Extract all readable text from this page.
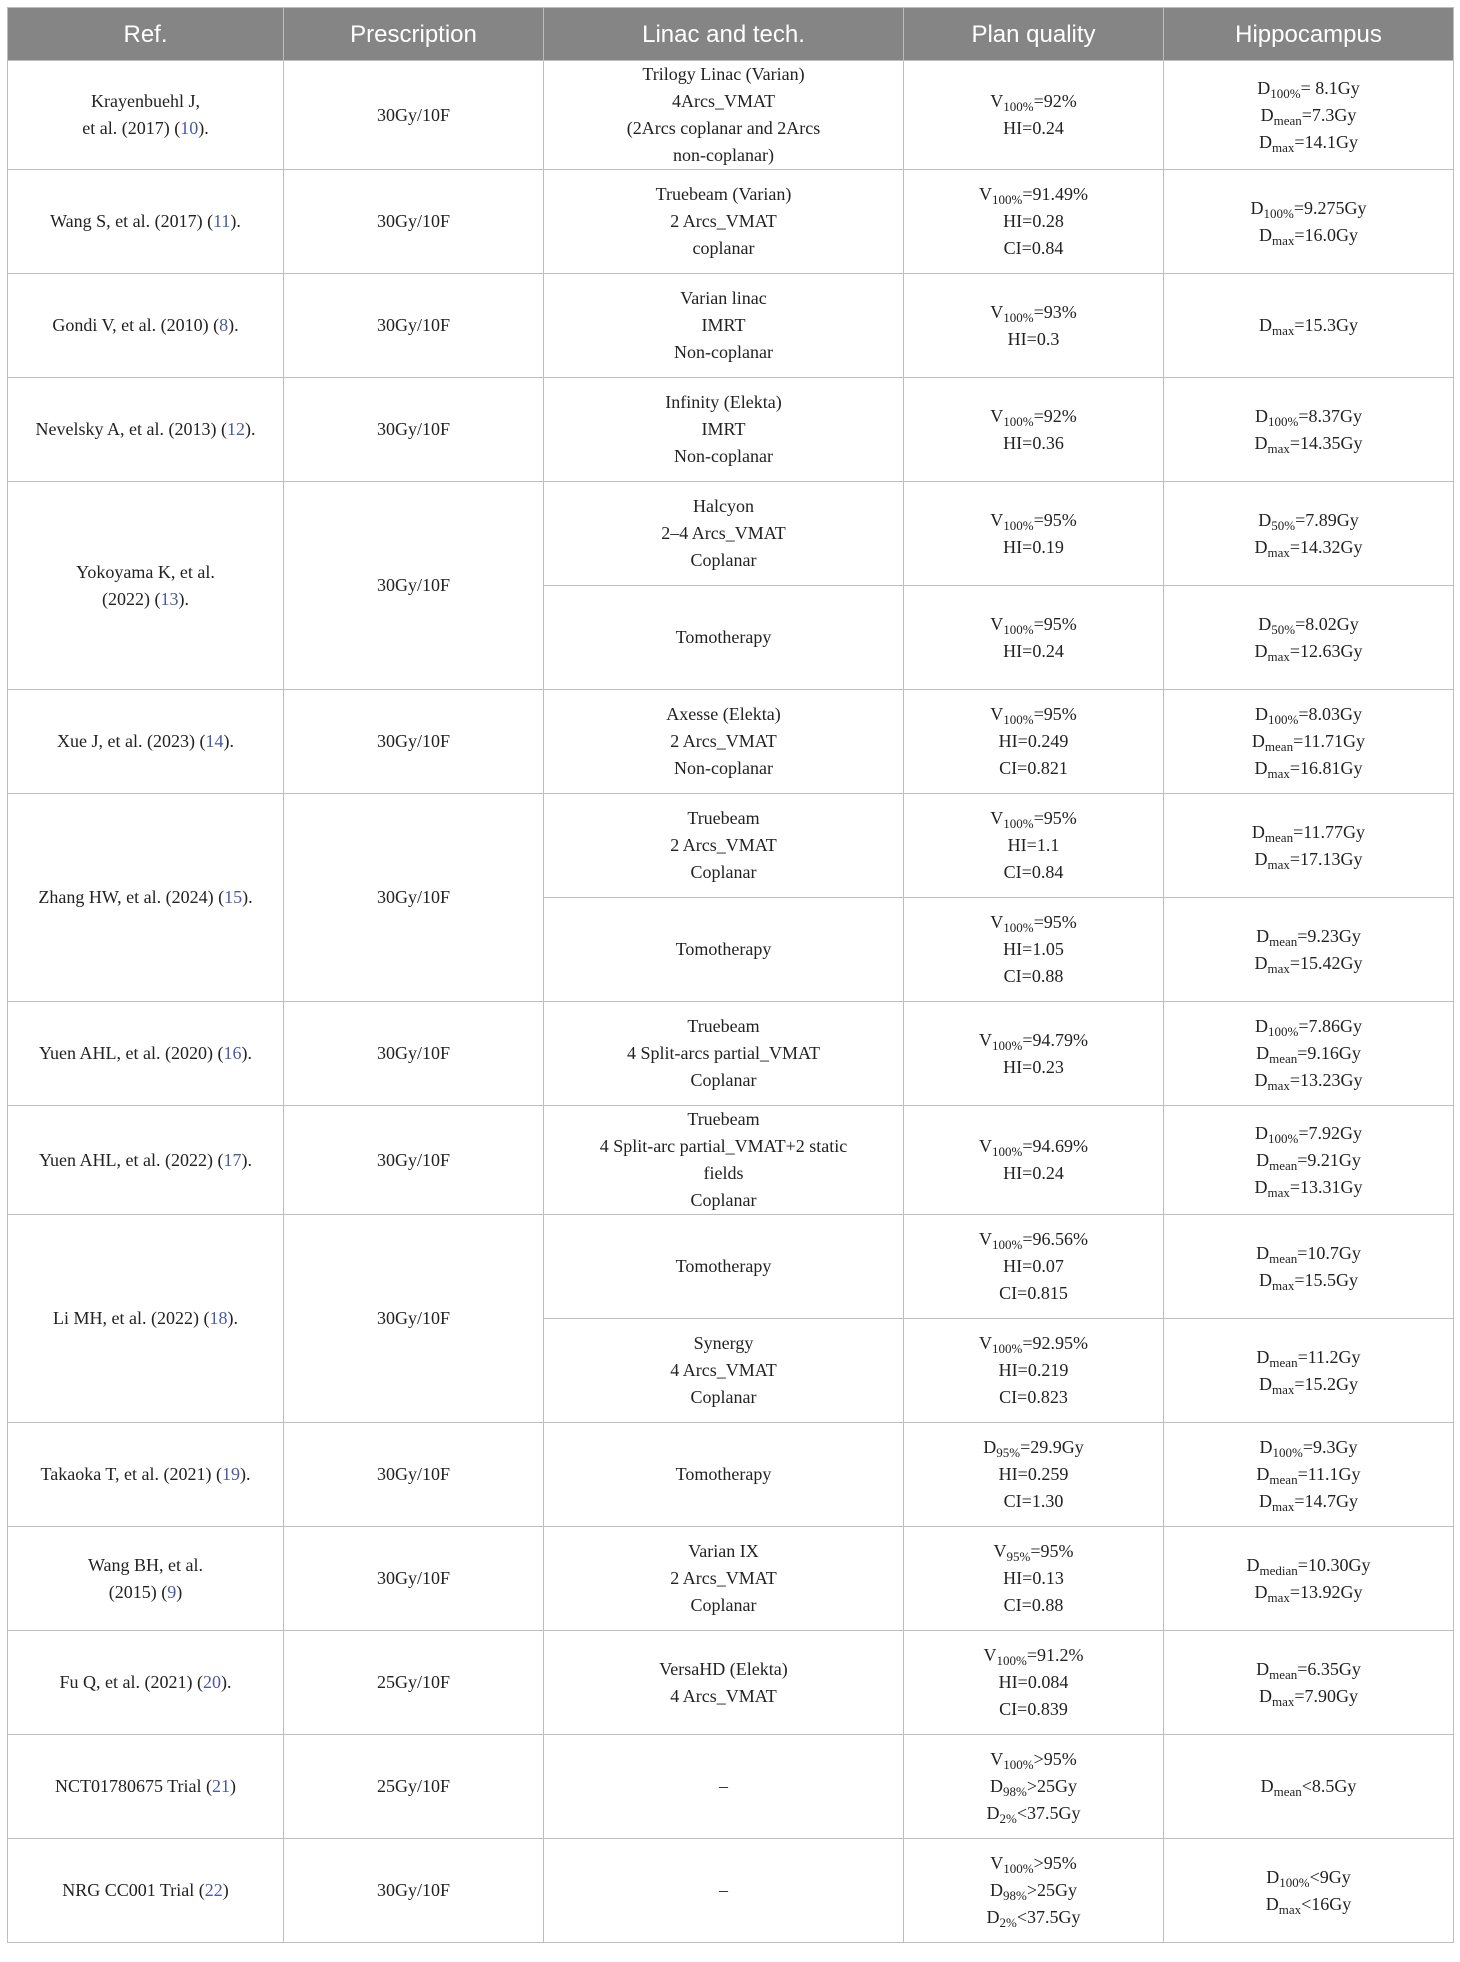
Ref.	Prescription	Linac and tech.	Plan quality	Hippocampus
Krayenbuehl J,
et al. (2017) (10).	30Gy/10F	Trilogy Linac (Varian)
4Arcs_VMAT
(2Arcs coplanar and 2Arcs
non-coplanar)	$V_{100\%}=92\%$
HI=0.24	$D_{100\%}= 8.1Gy$
$D_{mean}=7.3Gy$
$D_{max}=14.1Gy$

Wang S, et al. (2017) (11).	30Gy/10F	Truebeam (Varian)
2 Arcs_VMAT
coplanar	$V_{100\%}=91.49\%$
HI=0.28
CI=0.84	$D_{100\%}=9.275Gy$
$D_{max}=16.0Gy$

Gondi V, et al. (2010) (8).	30Gy/10F	Varian linac
IMRT
Non-coplanar	$V_{100\%}=93\%$
HI=0.3	$D_{max}=15.3Gy$

Nevelsky A, et al. (2013) (12).	30Gy/10F	Infinity (Elekta)
IMRT
Non-coplanar	$V_{100\%}=92\%$
HI=0.36	$D_{100\%}=8.37Gy$
$D_{max}=14.35Gy$

Yokoyama K, et al.
(2022) (13).	30Gy/10F	Halcyon
2–4 Arcs_VMAT
Coplanar	$V_{100\%}=95\%$
HI=0.19	$D_{50\%}=7.89Gy$
$D_{max}=14.32Gy$

		Tomotherapy	$V_{100\%}=95\%$
HI=0.24	$D_{50\%}=8.02Gy$
$D_{max}=12.63Gy$

Xue J, et al. (2023) (14).	30Gy/10F	Axesse (Elekta)
2 Arcs_VMAT
Non-coplanar	$V_{100\%}=95\%$
HI=0.249
CI=0.821	$D_{100\%}=8.03Gy$
$D_{mean}=11.71Gy$
$D_{max}=16.81Gy$

Zhang HW, et al. (2024) (15).	30Gy/10F	Truebeam
2 Arcs_VMAT
Coplanar	$V_{100\%}=95\%$
HI=1.1
CI=0.84	$D_{mean}=11.77Gy$
$D_{max}=17.13Gy$

		Tomotherapy	$V_{100\%}=95\%$
HI=1.05
CI=0.88	$D_{mean}=9.23Gy$
$D_{max}=15.42Gy$

Yuen AHL, et al. (2020) (16).	30Gy/10F	Truebeam
4 Split-arcs partial_VMAT
Coplanar	$V_{100\%}=94.79\%$
HI=0.23	$D_{100\%}=7.86Gy$
$D_{mean}=9.16Gy$
$D_{max}=13.23Gy$

Yuen AHL, et al. (2022) (17).	30Gy/10F	Truebeam
4 Split-arc partial_VMAT+2 static
fields
Coplanar	$V_{100\%}=94.69\%$
HI=0.24	$D_{100\%}=7.92Gy$
$D_{mean}=9.21Gy$
$D_{max}=13.31Gy$

Li MH, et al. (2022) (18).	30Gy/10F	Tomotherapy	$V_{100\%}=96.56\%$
HI=0.07
CI=0.815	$D_{mean}=10.7Gy$
$D_{max}=15.5Gy$

		Synergy
4 Arcs_VMAT
Coplanar	$V_{100\%}=92.95\%$
HI=0.219
CI=0.823	$D_{mean}=11.2Gy$
$D_{max}=15.2Gy$

Takaoka T, et al. (2021) (19).	30Gy/10F	Tomotherapy	$D_{95\%}=29.9Gy$
HI=0.259
CI=1.30	$D_{100\%}=9.3Gy$
$D_{mean}=11.1Gy$
$D_{max}=14.7Gy$

Wang BH, et al.
(2015) (9)	30Gy/10F	Varian IX
2 Arcs_VMAT
Coplanar	$V_{95\%}=95\%$
HI=0.13
CI=0.88	$D_{median}=10.30Gy$
$D_{max}=13.92Gy$

Fu Q, et al. (2021) (20).	25Gy/10F	VersaHD (Elekta)
4 Arcs_VMAT	$V_{100\%}=91.2\%$
HI=0.084
CI=0.839	$D_{mean}=6.35Gy$
$D_{max}=7.90Gy$

NCT01780675 Trial (21)	25Gy/10F	–	$V_{100\%}>95\%$
$D_{98\%}>25Gy$
$D_{2\%}<37.5Gy$	$D_{mean}<8.5Gy$

NRG CC001 Trial (22)	30Gy/10F	–	$V_{100\%}>95\%$
$D_{98\%}>25Gy$
$D_{2\%}<37.5Gy$	$D_{100\%}<9Gy$
$D_{max}<16Gy$
